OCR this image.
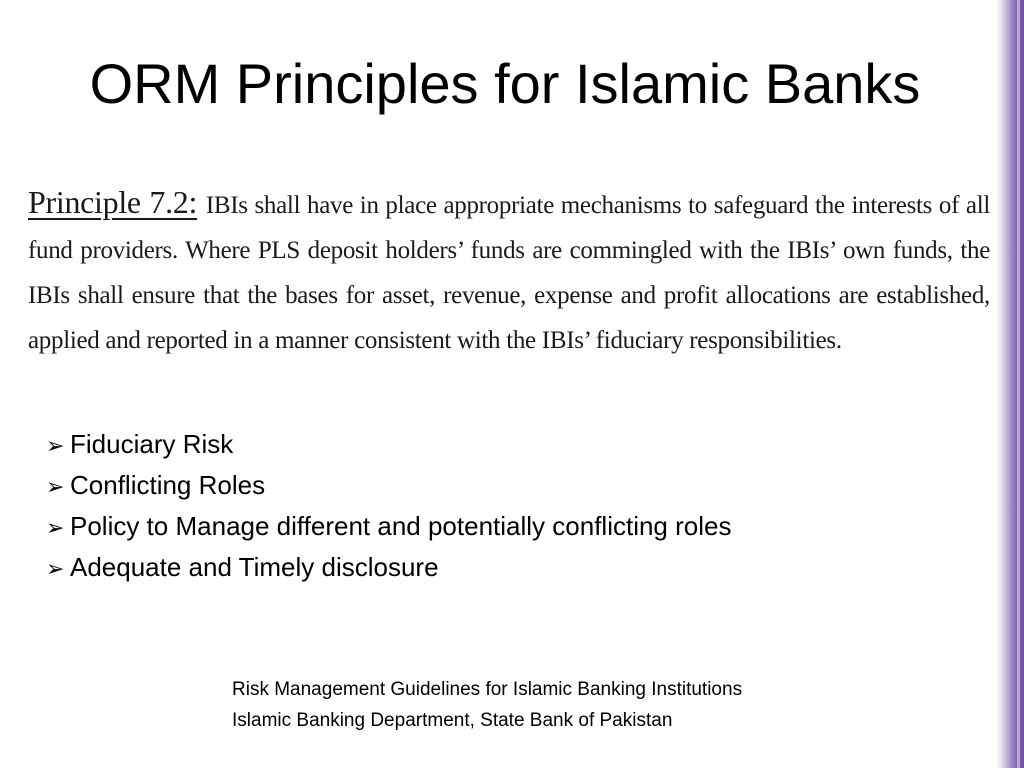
ORM Principles for Islamic Banks
Principle 7.2: IBIs shall have in place appropriate mechanisms to safeguard the interests of all fund providers. Where PLS deposit holders’ funds are commingled with the IBIs’ own funds, the IBIs shall ensure that the bases for asset, revenue, expense and profit allocations are established, applied and reported in a manner consistent with the IBIs’ fiduciary responsibilities.
➢ Fiduciary Risk
➢ Conflicting Roles
➢ Policy to Manage different and potentially conflicting roles
➢ Adequate and Timely disclosure
Risk Management Guidelines for Islamic Banking Institutions
Islamic Banking Department, State Bank of Pakistan
